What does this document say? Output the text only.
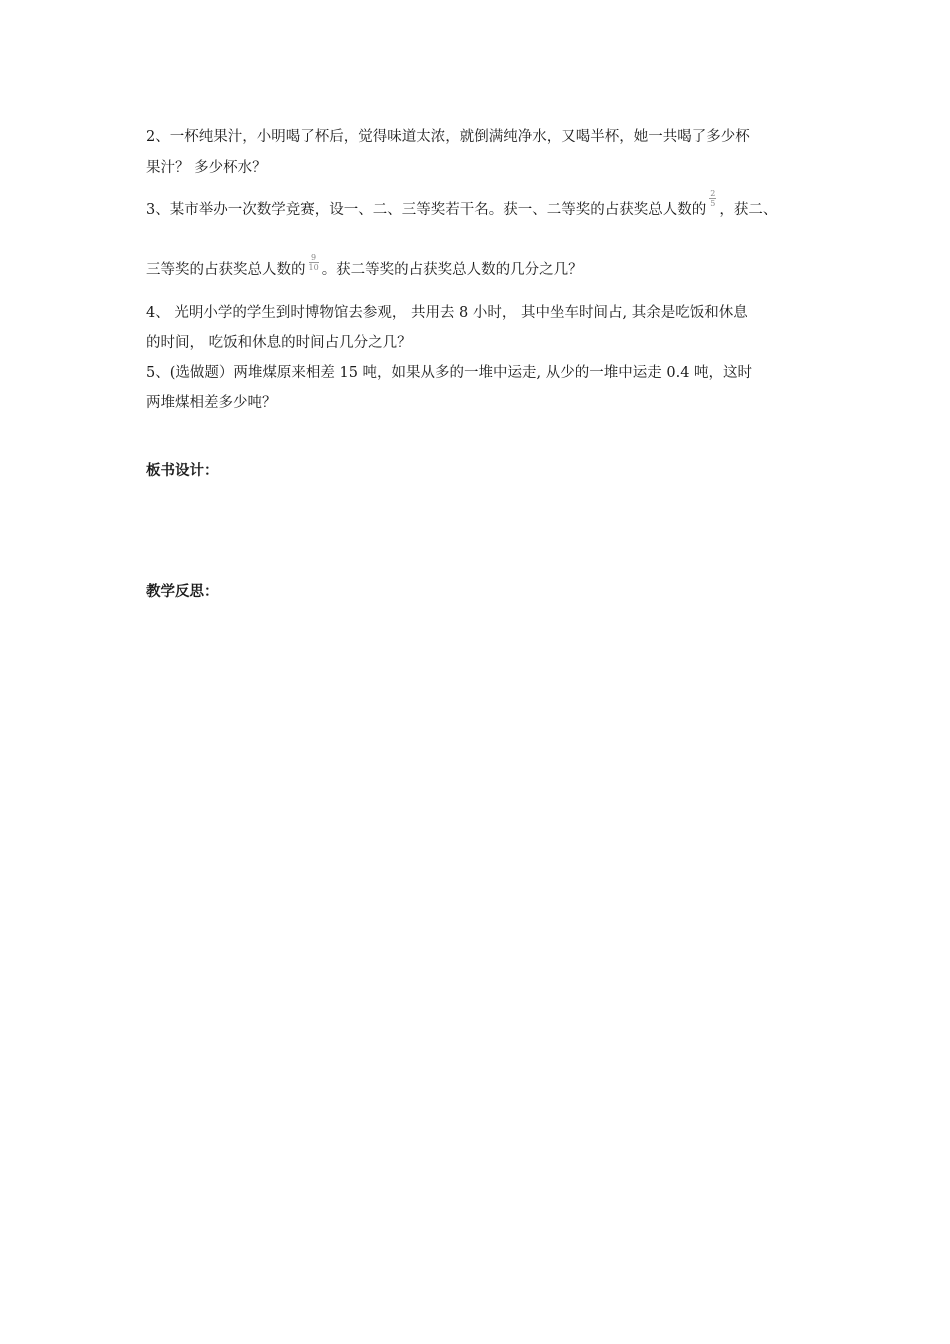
2、一杯纯果汁，小明喝了杯后，觉得味道太浓，就倒满纯净水，又喝半杯，她一共喝了多少杯
果汁？ 多少杯水？
3、某市举办一次数学竞赛，设一、二、三等奖若干名。获一、二等奖的占获奖总人数的
$\frac{2}{5}$
，获二、
三等奖的占获奖总人数的 $\frac{9}{10}$ 。获二等奖的占获奖总人数的几分之几？
4、 光明小学的学生到时博物馆去参观， 共用去 8 小时， 其中坐车时间占, 其余是吃饭和休息
的时间， 吃饭和休息的时间占几分之几？
5、(选做题）两堆煤原来相差 15 吨，如果从多的一堆中运走, 从少的一堆中运走 0.4 吨，这时
两堆煤相差多少吨？
板书设计：
教学反思：
